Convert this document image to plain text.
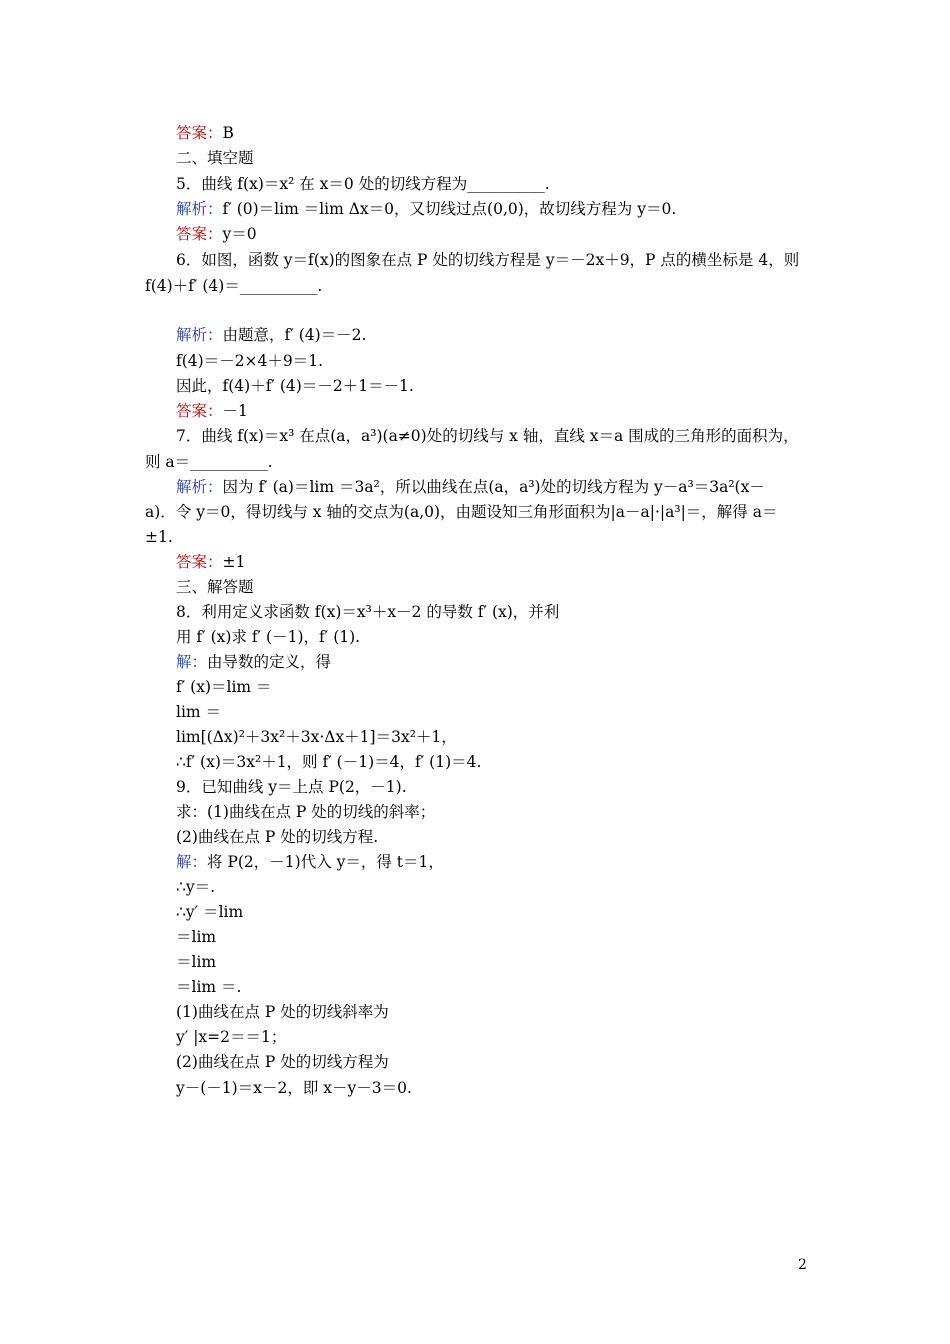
答案：B
二、填空题
5．曲线 f(x)＝x² 在 x＝0 处的切线方程为__________.
解析：f′ (0)＝lim ＝lim Δx＝0，又切线过点(0,0)，故切线方程为 y＝0.
答案：y＝0
6．如图，函数 y＝f(x)的图象在点 P 处的切线方程是 y＝－2x＋9，P 点的横坐标是 4，则
f(4)＋f′ (4)＝__________.
解析：由题意，f′ (4)＝－2.
f(4)＝－2×4＋9＝1.
因此，f(4)＋f′ (4)＝－2＋1＝－1.
答案：－1
7．曲线 f(x)＝x³ 在点(a，a³)(a≠0)处的切线与 x 轴，直线 x＝a 围成的三角形的面积为，
则 a＝__________.
解析：因为 f′ (a)＝lim ＝3a²，所以曲线在点(a，a³)处的切线方程为 y－a³＝3a²(x－
a)．令 y＝0，得切线与 x 轴的交点为(a,0)，由题设知三角形面积为|a－a|·|a³|＝，解得 a＝
±1.
答案：±1
三、解答题
8．利用定义求函数 f(x)＝x³＋x－2 的导数 f′ (x)，并利
用 f′ (x)求 f′ (－1)，f′ (1).
解：由导数的定义，得
f′ (x)＝lim ＝
lim ＝
lim[(Δx)²＋3x²＋3x·Δx＋1]＝3x²＋1，
∴f′ (x)＝3x²＋1，则 f′ (－1)＝4，f′ (1)＝4.
9．已知曲线 y＝上点 P(2，－1).
求：(1)曲线在点 P 处的切线的斜率；
(2)曲线在点 P 处的切线方程.
解：将 P(2，－1)代入 y＝，得 t＝1，
∴y＝.
∴y′ ＝lim
＝lim
＝lim
＝lim ＝.
(1)曲线在点 P 处的切线斜率为
y′ |x=2＝＝1；
(2)曲线在点 P 处的切线方程为
y－(－1)＝x－2，即 x－y－3＝0.
2
